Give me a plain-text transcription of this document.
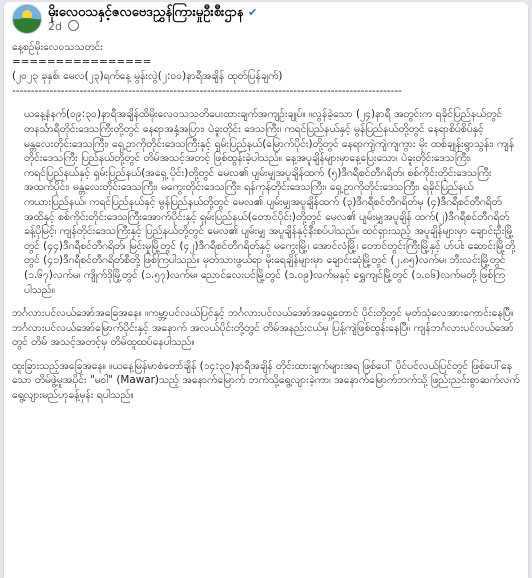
မိုးလေဝသနှင့်ဇလဗေဒညွှန်ကြားမှုဦးစီးဌာန ✔
2d

နေ့စဉ်မိုးလေဝသသတင်း

================

(၂၀၂၃ ခုနှစ်၊ မေလ(၂၃)ရက်နေ့ မွန်းလွဲ(၂:၀၀)နာရီအချိန် ထုတ်ပြန်ချက်)

--------------------------------------------------------------------------------------------------------

ယနေ့နံနက်(၀၉:၃၀)နာရီအချိန်ထိမိုးလေဝသသတိပေးထားချက်အကျဉ်းချုပ်။ ။လွန်ခဲ့သော (၂၄)နာရီ အတွင်းက ရခိုင်ပြည်နယ်တွင် တနင်္သာရီတိုင်းဒေသကြီးတို့တွင် နေရာအနှံ့အပြား၊ ပဲခူးတိုင်း ဒေသကြီး၊ ကရင်ပြည်နယ်နှင့် မွန်ပြည်နယ်တို့တွင် နေရာစိပ်စိပ်နှင့် မန္တလေးတိုင်းဒေသကြီး၊ ရှေ့ဥာကိုတိုင်းဒေသကြီးနှင့် ရှမ်းပြည်နယ်(မြောက်ပိုင်း)တို့တွင် နေရာကျဲကျဲကျကွား မိုး ထစ်ချုန်းရွာသွန်း၊ ကျန်တိုင်းဒေသကြီး ပြည်နယ်တို့တွင် တိမ်အသင့်အတင့် ဖြစ်ထွန်းခဲ့ပါသည်။ နေ့အပူချိန်များမှာနေ့ပြေးသော၊ ပဲခူးတိုင်းဒေသကြီး၊ ကရင်ပြည်နယ်နှင့် ရှမ်းပြည်နယ်(အရှေ့ ပိုင်း)တို့တွင် မေလ၏ ပျမ်းမျှအပူချိန်ထက် (၅)ဒီဂရီစင်တီဂရိတ်၊ စစ်ကိုင်းတိုင်းဒေသကြီး အထက်ပိုင်း၊ မန္တလေးတိုင်းဒေသကြီး၊ မကွေးတိုင်းဒေသကြီး၊ ရန်ကုန်တိုင်းဒေသကြီး၊ ရှေ့ဥာကိုတိုင်းဒေသကြီး၊ ရခိုင်ပြည်နယ်ကယားပြည်နယ်၊ ကရင်ပြည်နယ်နှင့် မွန်ပြည်နယ်တို့တွင် မေလ၏ ပျမ်းမျှအပူချိန်ထက် (၃)ဒီဂရီစင်တီဂရိတ်မှ (၄)ဒီဂရီစင်တီဂရိတ်အထိနှင့် စစ်ကိုင်းတိုင်းဒေသကြီးအောက်ပိုင်းနှင့် ရှမ်းပြည်နယ်(တောင်ပိုင်း)တို့တွင် မေလ၏ ပျမ်းမျှအပူချိန် ထက်(၂)ဒီဂရီစင်တီဂရိတ်ခန့်ပိုမြင့်၊ ကျန်တိုင်းဒေသကြီးနှင့် ပြည်နယ်တို့တွင် မေလ၏ ပျမ်းမျှ အပူချိန်နှင့်နီးစပ်ပါသည်။ ထင်ရှားသည့် အပူချိန်များမှာ ချောင်းဦးမြို့တွင် (၄၄)ဒီဂရီစင်တီဂရိတ်၊ မြင်းမူမြို့တွင် (၄၂)ဒီဂရီစင်တီဂရိတ်နှင့် မကွေးမြို့၊ အောင်လံမြို့၊ တောင်တွင်းကြီးမြို့နှင့် ဟ်ပါး ဆောင်းမြို့တို့တွင် (၄၁)ဒီဂရီစင်တီဂရိတ်စီတို့ ဖြစ်ကြပါသည်။ မှတ်သားဖွယ်ရာ မိုးရေချိန်များမှာ ချောင်းဆုံမြို့တွင် (၂.၈၅)လက်မ၊ ဘီးလင်းမြို့တွင် (၁.၆၇)လက်မ၊ ကျိုက်ဒိုမြို့တွင် (၁.၅၇)လက်မ၊ ညောင်လေးပင်မြို့တွင် (၁.၀၉)လက်မနှင့် ရွှေကျင်မြို့တွင် (၁.၀၆)လက်မတို့ ဖြစ်ကြပါသည်။

ဘင်္ဂလားပင်လယ်အော်အခြေအနေ။ ။ကမ္ဘာ့ပင်လယ်ပြင်နှင့် ဘင်္ဂလားပင်လယ်အော်အရှေ့တောင် ပိုင်းတို့တွင် မုတ်သုံလေအားကောင်းနေပြီ။ ဘင်္ဂလားပင်လယ်အော်မြောက်ပိုင်းနှင့် အနောက် အလယ်ပိုင်းတို့တွင် တိမ်အနည်းငယ်မှ ပြန့်ကျဲဖြစ်ထွန်းနေပြီ။ ကျန်ဘင်္ဂလားပင်လယ်အော်တွင် တိမ် အသင့်အတင့်မှ တိမ်ထူထပ်နေပါသည်။

ထူးခြားသည့်အခြေအနေ။ ။ယနေ့မြန်မာစံတော်ချိန် (၁၄:၃၀)နာရီအချိန် တိုင်းထားချက်များအရ ဖြစ်ပေါ် ပိုင်ပင်လယ်ပြင်တွင် ဖြစ်ပေါ်နေသော တိမ်ဖွဲ့မှုအပိုင်း "မဝါ" (Mawar)သည့် အနောက်မြောက် ဘက်သို့ရွေ့လျားခဲ့ကာ၊ အနောက်မြောက်ဘက်သို့ ဖြည်းညင်းစွာဆက်လက်ရွေ့လျားမည်ဟုခန့်မှန်း ရပါသည်။
